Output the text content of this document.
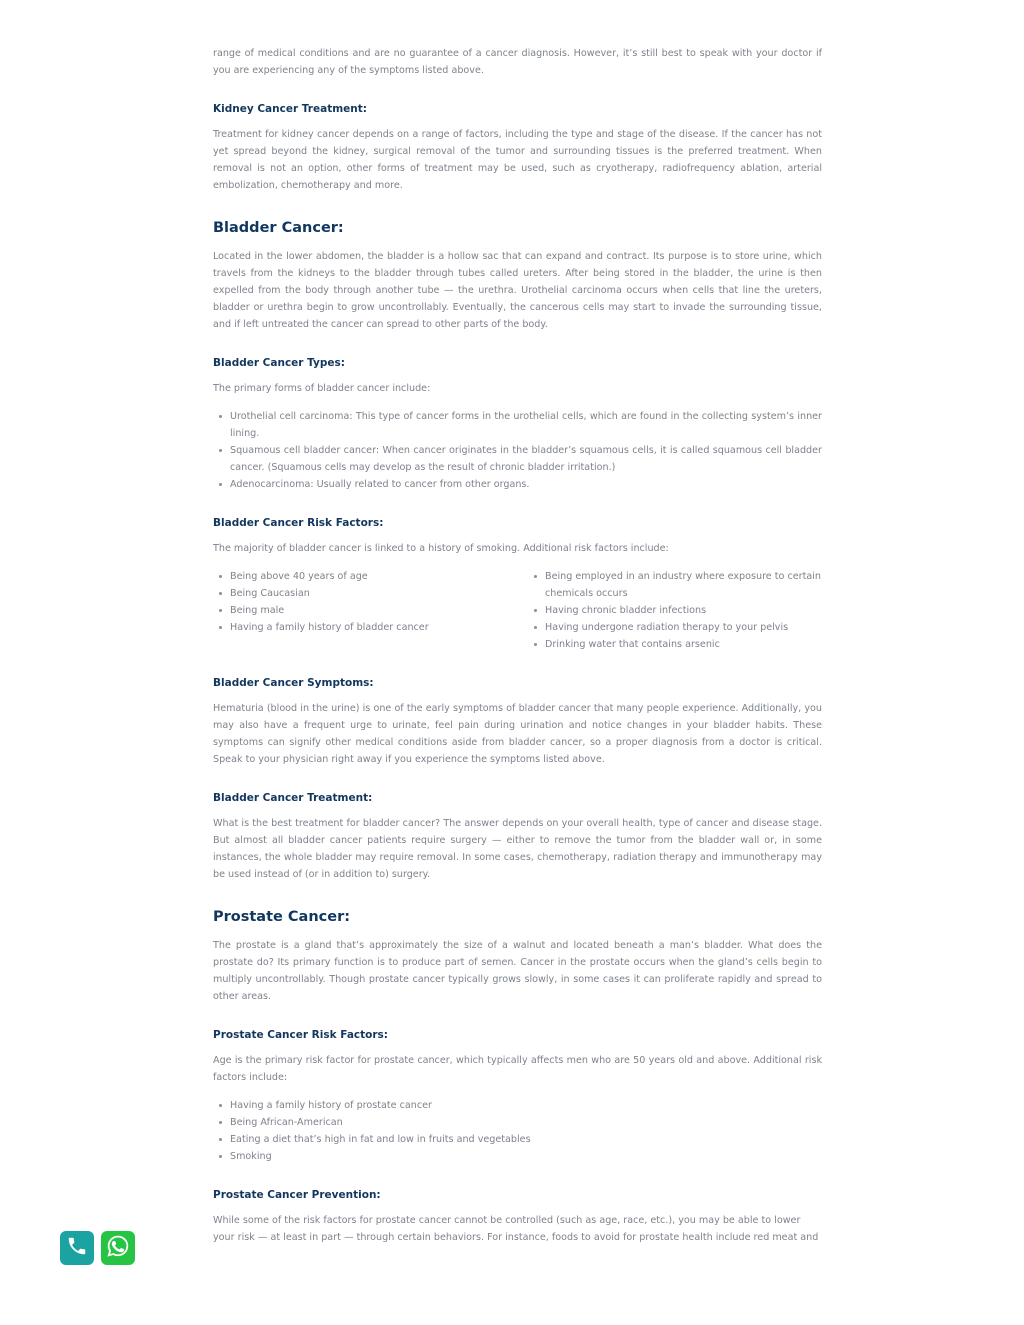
range of medical conditions and are no guarantee of a cancer diagnosis. However, it’s still best to speak with your doctor if you are experiencing any of the symptoms listed above.

Kidney Cancer Treatment:

Treatment for kidney cancer depends on a range of factors, including the type and stage of the disease. If the cancer has not yet spread beyond the kidney, surgical removal of the tumor and surrounding tissues is the preferred treatment. When removal is not an option, other forms of treatment may be used, such as cryotherapy, radiofrequency ablation, arterial embolization, chemotherapy and more.

Bladder Cancer:

Located in the lower abdomen, the bladder is a hollow sac that can expand and contract. Its purpose is to store urine, which travels from the kidneys to the bladder through tubes called ureters. After being stored in the bladder, the urine is then expelled from the body through another tube — the urethra. Urothelial carcinoma occurs when cells that line the ureters, bladder or urethra begin to grow uncontrollably. Eventually, the cancerous cells may start to invade the surrounding tissue, and if left untreated the cancer can spread to other parts of the body.

Bladder Cancer Types:

The primary forms of bladder cancer include:

Urothelial cell carcinoma: This type of cancer forms in the urothelial cells, which are found in the collecting system’s inner lining.
Squamous cell bladder cancer: When cancer originates in the bladder’s squamous cells, it is called squamous cell bladder cancer. (Squamous cells may develop as the result of chronic bladder irritation.)
Adenocarcinoma: Usually related to cancer from other organs.
Bladder Cancer Risk Factors:

The majority of bladder cancer is linked to a history of smoking. Additional risk factors include:

Being above 40 years of age
Being Caucasian
Being male
Having a family history of bladder cancer
Being employed in an industry where exposure to certain chemicals occurs
Having chronic bladder infections
Having undergone radiation therapy to your pelvis
Drinking water that contains arsenic
Bladder Cancer Symptoms:

Hematuria (blood in the urine) is one of the early symptoms of bladder cancer that many people experience. Additionally, you may also have a frequent urge to urinate, feel pain during urination and notice changes in your bladder habits. These symptoms can signify other medical conditions aside from bladder cancer, so a proper diagnosis from a doctor is critical. Speak to your physician right away if you experience the symptoms listed above.

Bladder Cancer Treatment:

What is the best treatment for bladder cancer? The answer depends on your overall health, type of cancer and disease stage. But almost all bladder cancer patients require surgery — either to remove the tumor from the bladder wall or, in some instances, the whole bladder may require removal. In some cases, chemotherapy, radiation therapy and immunotherapy may be used instead of (or in addition to) surgery.

Prostate Cancer:

The prostate is a gland that’s approximately the size of a walnut and located beneath a man’s bladder. What does the prostate do? Its primary function is to produce part of semen. Cancer in the prostate occurs when the gland’s cells begin to multiply uncontrollably. Though prostate cancer typically grows slowly, in some cases it can proliferate rapidly and spread to other areas.

Prostate Cancer Risk Factors:

Age is the primary risk factor for prostate cancer, which typically affects men who are 50 years old and above. Additional risk factors include:

Having a family history of prostate cancer
Being African-American
Eating a diet that’s high in fat and low in fruits and vegetables
Smoking
Prostate Cancer Prevention:

While some of the risk factors for prostate cancer cannot be controlled (such as age, race, etc.), you may be able to lower your risk — at least in part — through certain behaviors. For instance, foods to avoid for prostate health include red meat and
